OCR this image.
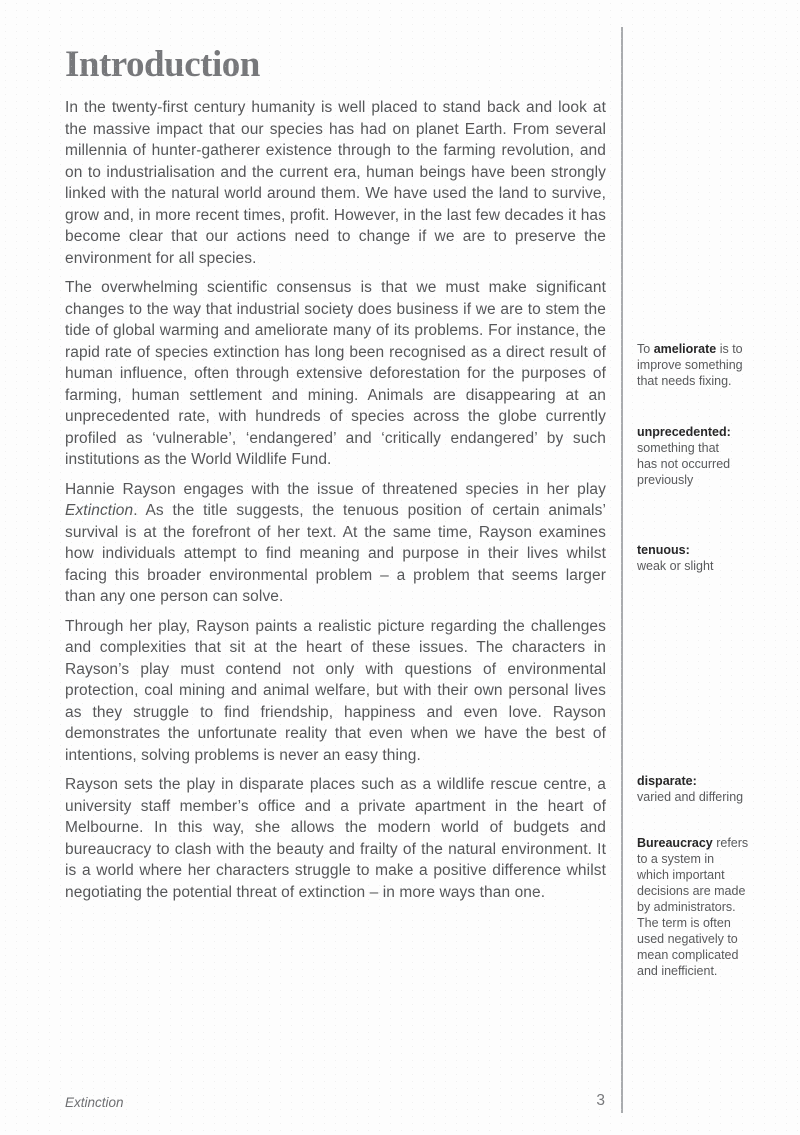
Introduction

In the twenty-first century humanity is well placed to stand back and look at the massive impact that our species has had on planet Earth. From several millennia of hunter-gatherer existence through to the farming revolution, and on to industrialisation and the current era, human beings have been strongly linked with the natural world around them. We have used the land to survive, grow and, in more recent times, profit. However, in the last few decades it has become clear that our actions need to change if we are to preserve the environment for all species.

The overwhelming scientific consensus is that we must make significant changes to the way that industrial society does business if we are to stem the tide of global warming and ameliorate many of its problems. For instance, the rapid rate of species extinction has long been recognised as a direct result of human influence, often through extensive deforestation for the purposes of farming, human settlement and mining. Animals are disappearing at an unprecedented rate, with hundreds of species across the globe currently profiled as ‘vulnerable’, ‘endangered’ and ‘critically endangered’ by such institutions as the World Wildlife Fund.

Hannie Rayson engages with the issue of threatened species in her play Extinction. As the title suggests, the tenuous position of certain animals’ survival is at the forefront of her text. At the same time, Rayson examines how individuals attempt to find meaning and purpose in their lives whilst facing this broader environmental problem – a problem that seems larger than any one person can solve.

Through her play, Rayson paints a realistic picture regarding the challenges and complexities that sit at the heart of these issues. The characters in Rayson’s play must contend not only with questions of environmental protection, coal mining and animal welfare, but with their own personal lives as they struggle to find friendship, happiness and even love. Rayson demonstrates the unfortunate reality that even when we have the best of intentions, solving problems is never an easy thing.

Rayson sets the play in disparate places such as a wildlife rescue centre, a university staff member’s office and a private apartment in the heart of Melbourne. In this way, she allows the modern world of budgets and bureaucracy to clash with the beauty and frailty of the natural environment. It is a world where her characters struggle to make a positive difference whilst negotiating the potential threat of extinction – in more ways than one.

To ameliorate is to
improve something
that needs fixing.
unprecedented:
something that
has not occurred
previously
tenuous:
weak or slight
disparate:
varied and differing
Bureaucracy refers
to a system in
which important
decisions are made
by administrators.
The term is often
used negatively to
mean complicated
and inefficient.
Extinction	3
